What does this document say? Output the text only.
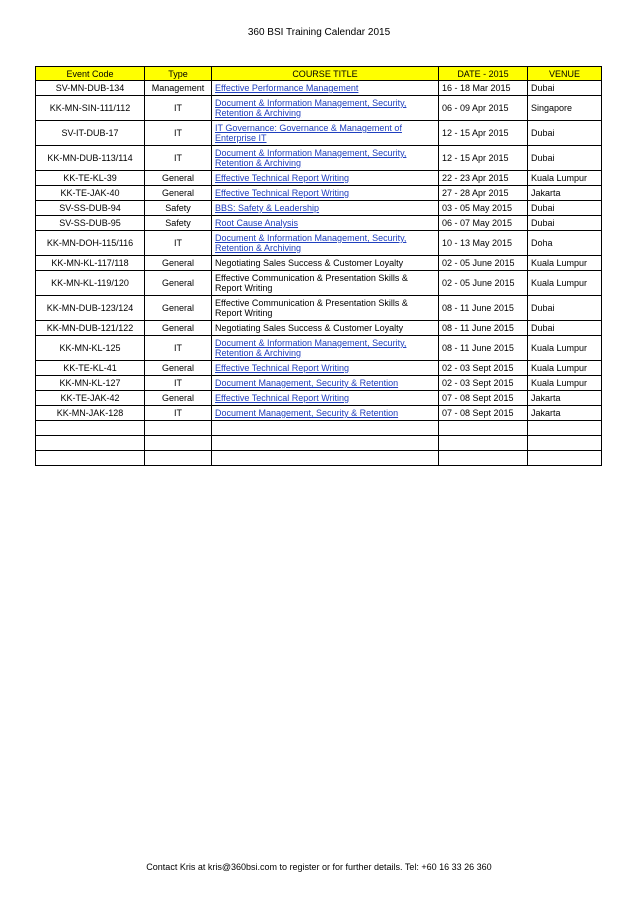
360 BSI Training Calendar 2015
Event Code	Type	COURSE TITLE	DATE - 2015	VENUE
SV-MN-DUB-134	Management	Effective Performance Management	16 - 18 Mar 2015	Dubai
KK-MN-SIN-111/112	IT	Document & Information Management, Security, Retention & Archiving	06 - 09 Apr 2015	Singapore
SV-IT-DUB-17	IT	IT Governance: Governance & Management of Enterprise IT	12 - 15 Apr 2015	Dubai
KK-MN-DUB-113/114	IT	Document & Information Management, Security, Retention & Archiving	12 - 15 Apr 2015	Dubai
KK-TE-KL-39	General	Effective Technical Report Writing	22 - 23 Apr 2015	Kuala Lumpur
KK-TE-JAK-40	General	Effective Technical Report Writing	27 - 28 Apr 2015	Jakarta
SV-SS-DUB-94	Safety	BBS: Safety & Leadership	03 - 05 May 2015	Dubai
SV-SS-DUB-95	Safety	Root Cause Analysis	06 - 07 May 2015	Dubai
KK-MN-DOH-115/116	IT	Document & Information Management, Security, Retention & Archiving	10 - 13 May 2015	Doha
KK-MN-KL-117/118	General	Negotiating Sales Success & Customer Loyalty	02 - 05 June 2015	Kuala Lumpur
KK-MN-KL-119/120	General	Effective Communication & Presentation Skills & Report Writing	02 - 05 June 2015	Kuala Lumpur
KK-MN-DUB-123/124	General	Effective Communication & Presentation Skills & Report Writing	08 - 11 June 2015	Dubai
KK-MN-DUB-121/122	General	Negotiating Sales Success & Customer Loyalty	08 - 11 June 2015	Dubai
KK-MN-KL-125	IT	Document & Information Management, Security, Retention & Archiving	08 - 11 June 2015	Kuala Lumpur
KK-TE-KL-41	General	Effective Technical Report Writing	02 - 03 Sept 2015	Kuala Lumpur
KK-MN-KL-127	IT	Document Management, Security & Retention	02 - 03 Sept 2015	Kuala Lumpur
KK-TE-JAK-42	General	Effective Technical Report Writing	07 - 08 Sept 2015	Jakarta
KK-MN-JAK-128	IT	Document Management, Security & Retention	07 - 08 Sept 2015	Jakarta

Contact Kris at kris@360bsi.com to register or for further details. Tel: +60 16 33 26 360
